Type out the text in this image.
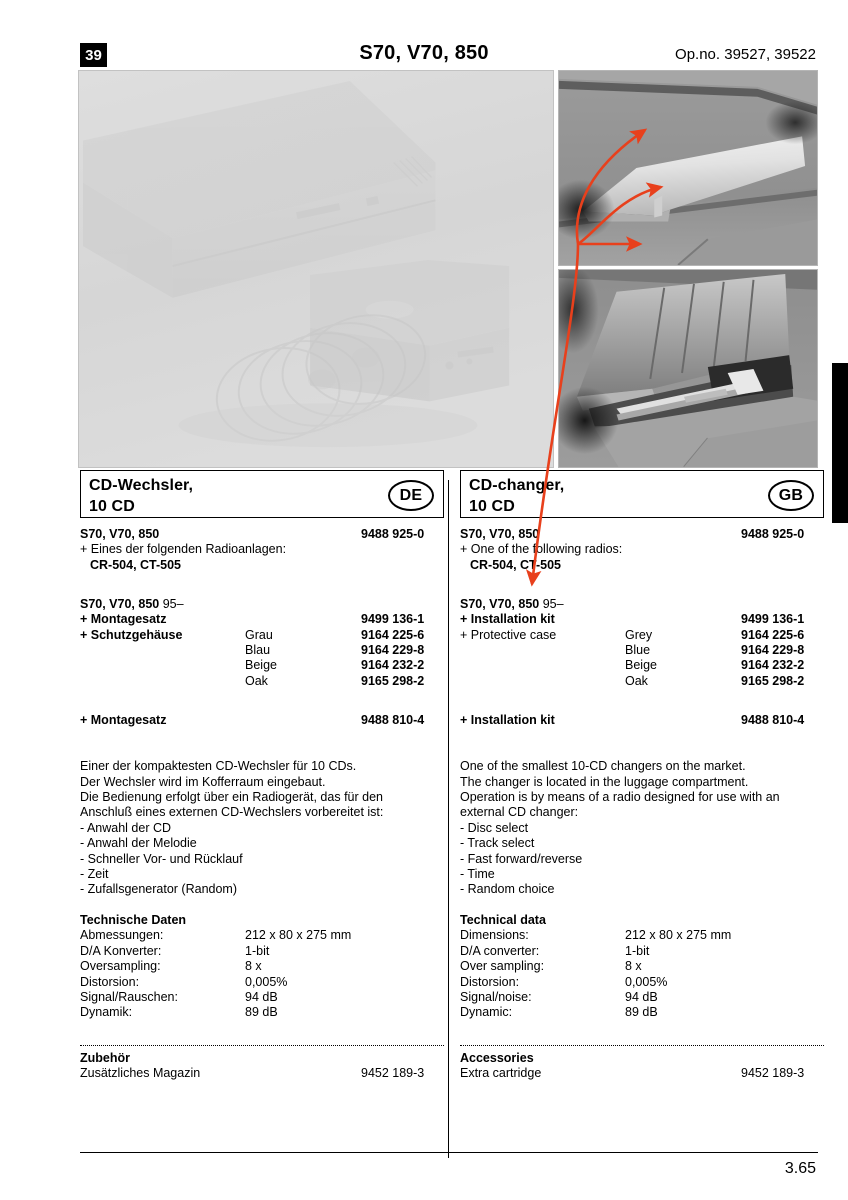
39	S70, V70, 850	Op.no. 39527, 39522
CD-Wechsler,
10 CD
DE
S70, V70, 850	9488 925-0
+ Eines der folgenden Radioanlagen:
CR-504, CT-505
S70, V70, 850 95–
+ Montagesatz	9499 136-1
+ Schutzgehäuse	Grau	9164 225-6
Blau	9164 229-8
Beige	9164 232-2
Oak	9165 298-2
+ Montagesatz	9488 810-4
Einer der kompaktesten CD-Wechsler für 10 CDs.
Der Wechsler wird im Kofferraum eingebaut.
Die Bedienung erfolgt über ein Radiogerät, das für den
Anschluß eines externen CD-Wechslers vorbereitet ist:
- Anwahl der CD
- Anwahl der Melodie
- Schneller Vor- und Rücklauf
- Zeit
- Zufallsgenerator (Random)
Technische Daten
Abmessungen:	212 x 80 x 275 mm
D/A Konverter:	1-bit
Oversampling:	8 x
Distorsion:	0,005%
Signal/Rauschen:	94 dB
Dynamik:	89 dB
Zubehör
Zusätzliches Magazin	9452 189-3
CD-changer,
10 CD
GB
S70, V70, 850	9488 925-0
+ One of the following radios:
CR-504, CT-505
S70, V70, 850 95–
+ Installation kit	9499 136-1
+ Protective case	Grey	9164 225-6
Blue	9164 229-8
Beige	9164 232-2
Oak	9165 298-2
+ Installation kit	9488 810-4
One of the smallest 10-CD changers on the market.
The changer is located in the luggage compartment.
Operation is by means of a radio designed for use with an
external CD changer:
- Disc select
- Track select
- Fast forward/reverse
- Time
- Random choice
Technical data
Dimensions:	212 x 80 x 275 mm
D/A converter:	1-bit
Over sampling:	8 x
Distorsion:	0,005%
Signal/noise:	94 dB
Dynamic:	89 dB
Accessories
Extra cartridge	9452 189-3
3.65
